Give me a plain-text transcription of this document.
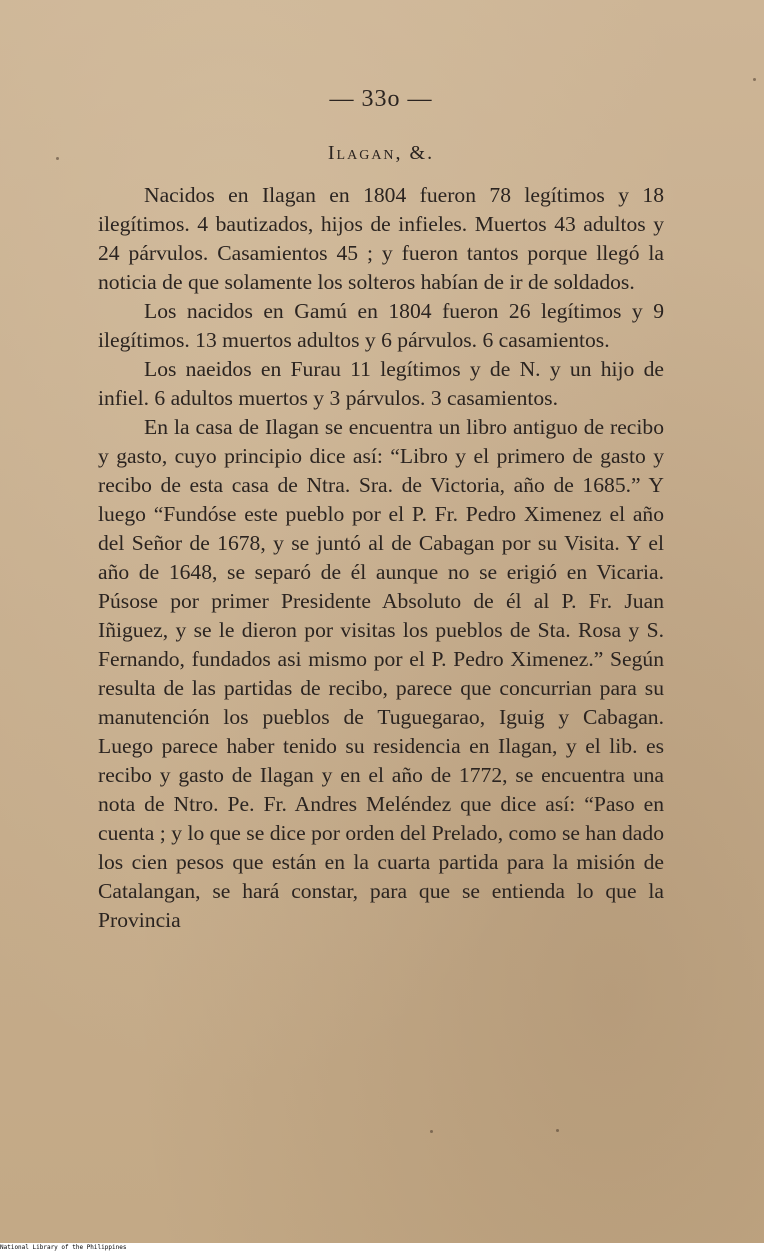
— 33o —
Ilagan, &.

Nacidos en Ilagan en 1804 fueron 78 legítimos y 18 ilegítimos. 4 bautizados, hijos de infieles. Muertos 43 adultos y 24 párvulos. Casamientos 45 ; y fueron tantos porque llegó la noticia de que solamente los solteros habían de ir de soldados.

Los nacidos en Gamú en 1804 fueron 26 legítimos y 9 ilegítimos. 13 muertos adultos y 6 párvulos. 6 casamientos.

Los naeidos en Furau 11 legítimos y de N. y un hijo de infiel. 6 adultos muertos y 3 párvulos. 3 casamientos.

En la casa de Ilagan se encuentra un libro antiguo de recibo y gasto, cuyo principio dice así: “Libro y el primero de gasto y recibo de esta casa de Ntra. Sra. de Victoria, año de 1685.” Y luego “Fundóse este pueblo por el P. Fr. Pedro Ximenez el año del Señor de 1678, y se juntó al de Cabagan por su Visita. Y el año de 1648, se separó de él aunque no se erigió en Vicaria. Púsose por primer Presidente Absoluto de él al P. Fr. Juan Iñiguez, y se le dieron por visitas los pueblos de Sta. Rosa y S. Fernando, fundados asi mismo por el P. Pedro Ximenez.” Según resulta de las partidas de recibo, parece que concurrian para su manutención los pueblos de Tuguegarao, Iguig y Cabagan. Luego parece haber tenido su residencia en Ilagan, y el lib. es recibo y gasto de Ilagan y en el año de 1772, se encuentra una nota de Ntro. Pe. Fr. Andres Meléndez que dice así: “Paso en cuenta ; y lo que se dice por orden del Prelado, como se han dado los cien pesos que están en la cuarta partida para la misión de Catalangan, se hará constar, para que se entienda lo que la Provincia

National Library of the Philippines
